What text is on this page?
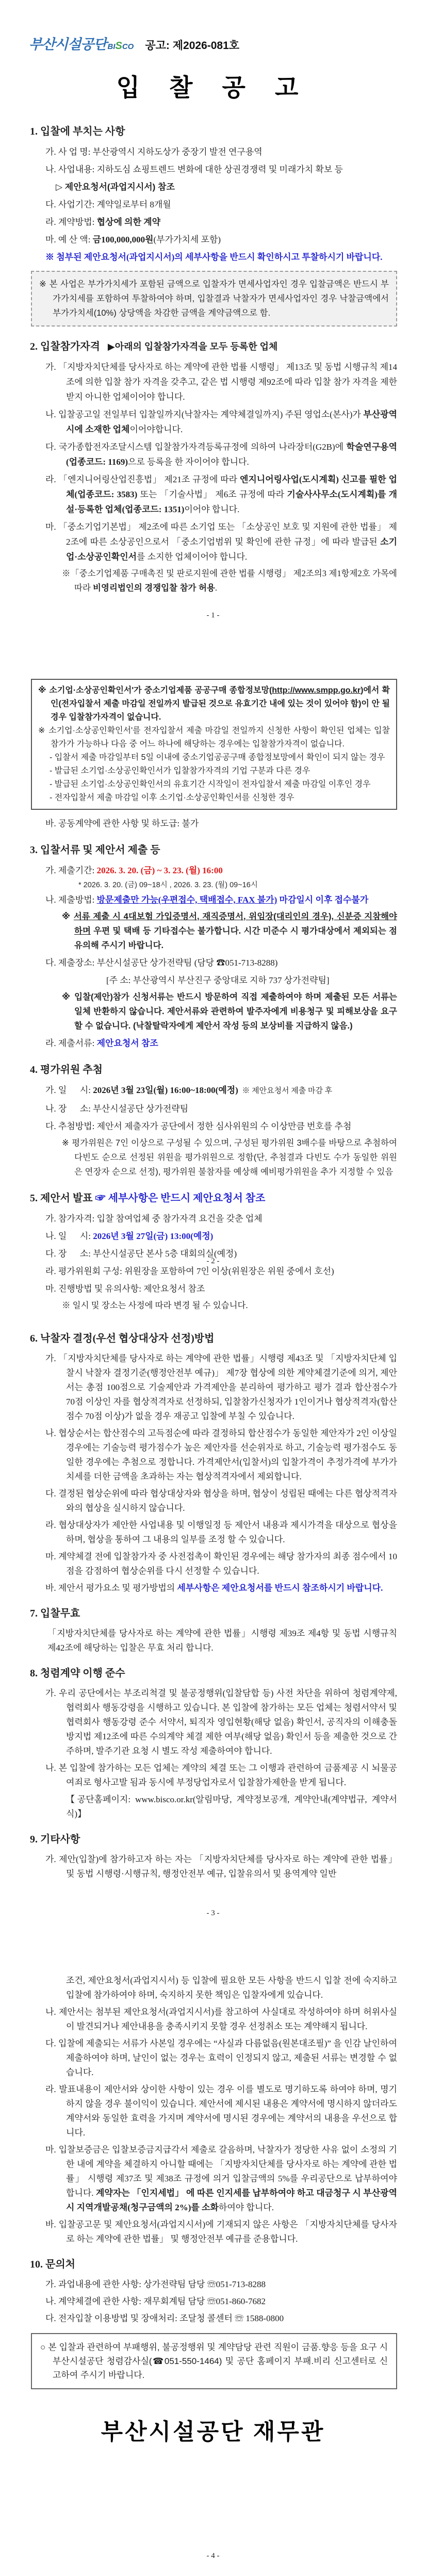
부산시설공단 BISCO 공고: 제2026-081호
입 찰 공 고

1. 입찰에 부치는 사항

가. 사 업 명: 부산광역시 지하도상가 중장기 발전 연구용역

나. 사업내용: 지하도심 쇼핑트렌드 변화에 대한 상권경쟁력 및 미래가치 확보 등

▷ 제안요청서(과업지시서) 참조

다. 사업기간: 계약일로부터 8개월

라. 계약방법: 협상에 의한 계약

마. 예 산 액: 금100,000,000원(부가가치세 포함)

※ 첨부된 제안요청서(과업지시서)의 세부사항을 반드시 확인하시고 투찰하시기 바랍니다.

※ 본 사업은 부가가치세가 포함된 금액으로 입찰자가 면세사업자인 경우 입찰금액은 반드시 부가가치세를 포함하여 투찰하여야 하며, 입찰결과 낙찰자가 면세사업자인 경우 낙찰금액에서 부가가치세(10%) 상당액을 차감한 금액을 계약금액으로 함.

2. 입찰참가자격 ▶아래의 입찰참가자격을 모두 등록한 업체

가. 「지방자치단체를 당사자로 하는 계약에 관한 법률 시행령」 제13조 및 동법 시행규칙 제14조에 의한 입찰 참가 자격을 갖추고, 같은 법 시행령 제92조에 따라 입찰 참가 자격을 제한받지 아니한 업체이어야 합니다.

나. 입찰공고일 전일부터 입찰일까지(낙찰자는 계약체결일까지) 주된 영업소(본사)가 부산광역시에 소재한 업체이어야합니다.

다. 국가종합전자조달시스템 입찰참가자격등록규정에 의하여 나라장터(G2B)에 학술연구용역(업종코드: 1169)으로 등록을 한 자이어야 합니다.

라. 「엔지니어링산업진흥법」 제21조 규정에 따라 엔지니어링사업(도시계획) 신고를 필한 업체(업종코드: 3583) 또는 「기술사법」 제6조 규정에 따라 기술사사무소(도시계획)를 개설·등록한 업체(업종코드: 1351)이어야 합니다.

마. 「중소기업기본법」 제2조에 따른 소기업 또는 「소상공인 보호 및 지원에 관한 법률」 제2조에 따른 소상공인으로서 「중소기업범위 및 확인에 관한 규정」에 따라 발급된 소기업·소상공인확인서를 소지한 업체이어야 합니다.

※「중소기업제품 구매촉진 및 판로지원에 관한 법률 시행령」 제2조의3 제1항제2호 가목에 따라 비영리법인의 경쟁입찰 참가 허용.

- 1 -

※ 소기업·소상공인확인서'가 중소기업제품 공공구매 종합정보망(http://www.smpp.go.kr)에서 확인(전자입찰서 제출 마감일 전일까지 발급된 것으로 유효기간 내에 있는 것이 있어야 함)이 안 될 경우 입찰참가자격이 없습니다.

※ 소기업·소상공인확인서'를 전자입찰서 제출 마감일 전일까지 신청한 사항이 확인된 업체는 입찰참가가 가능하나 다음 중 어느 하나에 해당하는 경우에는 입찰참가자격이 없습니다.

- 입찰서 제출 마감일부터 5일 이내에 중소기업공공구매 종합정보망에서 확인이 되지 않는 경우

- 발급된 소기업·소상공인확인서가 입찰참가자격의 기업 구분과 다른 경우

- 발급된 소기업·소상공인확인서의 유효기간 시작일이 전자입찰서 제출 마감일 이후인 경우

- 전자입찰서 제출 마감일 이후 소기업·소상공인확인서를 신청한 경우

바. 공동계약에 관한 사항 및 하도급: 불가

3. 입찰서류 및 제안서 제출 등

가. 제출기간: 2026. 3. 20. (금) ~ 3. 23. (월) 16:00

* 2026. 3. 20. (금) 09~18시 , 2026. 3. 23. (월) 09~16시

나. 제출방법: 방문제출만 가능(우편접수, 택배접수, FAX 불가) 마감일시 이후 접수불가

※ 서류 제출 시 4대보험 가입증명서, 재직증명서, 위임장(대리인의 경우), 신분증 지참해야 하며 우편 및 택배 등 기타접수는 불가합니다. 시간 미준수 시 평가대상에서 제외되는 점 유의해 주시기 바랍니다.

다. 제출장소: 부산시설공단 상가전략팀 (담당 ☎051-713-8288)

[주 소: 부산광역시 부산진구 중앙대로 지하 737 상가전략팀]

※ 입찰(제안)참가 신청서류는 반드시 방문하여 직접 제출하여야 하며 제출된 모든 서류는 일체 반환하지 않습니다. 제안서류와 관련하여 발주자에게 비용청구 및 피해보상을 요구 할 수 없습니다. (낙찰탈락자에게 제안서 작성 등의 보상비를 지급하지 않음.)

라. 제출서류: 제안요청서 참조

4. 평가위원 추첨

가. 일      시: 2026년 3월 23일(월) 16:00~18:00(예정)  ※ 제안요청서 제출 마감 후

나. 장      소: 부산시설공단 상가전략팀

다. 추첨방법: 제안서 제출자가 공단에서 정한 심사위원의 수 이상만큼 번호를 추첨

※ 평가위원은 7인 이상으로 구성될 수 있으며, 구성된 평가위원 3배수를 바탕으로 추첨하여 다빈도 순으로 선정된 위원을 평가위원으로 정함(단, 추첨결과 다빈도 수가 동일한 위원은 연장자 순으로 선정), 평가위원 불참자를 예상해 예비평가위원을 추가 지정할 수 있음

5. 제안서 발표 ☞ 세부사항은 반드시 제안요청서 참조

가. 참가자격: 입찰 참여업체 중 참가자격 요건을 갖춘 업체

나. 일      시: 2026년 3월 27일(금) 13:00(예정)

다. 장      소: 부산시설공단 본사 5층 대회의실(예정)

라. 평가위원회 구성: 위원장을 포함하여 7인 이상(위원장은 위원 중에서 호선)

마. 진행방법 및 유의사항: 제안요청서 참조

※ 일시 및 장소는 사정에 따라 변경 될 수 있습니다.

- 2 -

6. 낙찰자 결정(우선 협상대상자 선정)방법

가. 「지방자치단체를 당사자로 하는 계약에 관한 법률」시행령 제43조 및 「지방자치단체 입찰시 낙찰자 결정기준(행정안전부 예규)」 제7장 협상에 의한 계약체결기준에 의거, 제안서는 총점 100점으로 기술제안과 가격제안을 분리하여 평가하고 평가 결과 합산점수가 70점 이상인 자를 협상적격자로 선정하되, 입찰참가신청자가 1인이거나 협상적격자(합산점수 70점 이상)가 없을 경우 재공고 입찰에 부칠 수 있습니다.

나. 협상순서는 합산점수의 고득점순에 따라 결정하되 합산점수가 동일한 제안자가 2인 이상일 경우에는 기술능력 평가점수가 높은 제안자를 선순위자로 하고, 기술능력 평가점수도 동일한 경우에는 추첨으로 정합니다. 가격제안서(입찰서)의 입찰가격이 추정가격에 부가가치세를 더한 금액을 초과하는 자는 협상적격자에서 제외합니다.

다. 결정된 협상순위에 따라 협상대상자와 협상을 하며, 협상이 성립된 때에는 다른 협상적격자와의 협상을 실시하지 않습니다.

라. 협상대상자가 제안한 사업내용 및 이행일정 등 제안서 내용과 제시가격을 대상으로 협상을 하며, 협상을 통하여 그 내용의 일부를 조정 할 수 있습니다.

마. 계약체결 전에 입찰참가자 중 사전접촉이 확인된 경우에는 해당 참가자의 최종 점수에서 10점을 감점하여 협상순위를 다시 선정할 수 있습니다.

바. 제안서 평가요소 및 평가방법의 세부사항은 제안요청서를 반드시 참조하시기 바랍니다.

7. 입찰무효

「지방자치단체를 당사자로 하는 계약에 관한 법률」시행령 제39조 제4항 및 동법 시행규칙 제42조에 해당하는 입찰은 무효 처리 합니다.

8. 청렴계약 이행 준수

가. 우리 공단에서는 부조리척결 및 불공정행위(입찰담합 등) 사전 차단을 위하여 청렴계약제, 협력회사 행동강령을 시행하고 있습니다. 본 입찰에 참가하는 모든 업체는 청렴서약서 및 협력회사 행동강령 준수 서약서, 퇴직자 영입현황(해당 없음) 확인서, 공직자의 이해충돌 방지법 제12조에 따른 수의계약 체결 제한 여부(해당 없음) 확인서 등을 제출한 것으로 간주하며, 발주기관 요청 시 별도 작성 제출하여야 합니다.

나. 본 입찰에 참가하는 모든 업체는 계약의 체결 또는 그 이행과 관련하여 금품제공 시 뇌물공여죄로 형사고발 됨과 동시에 부정당업자로서 입찰참가제한을 받게 됩니다.

【공단홈페이지: www.bisco.or.kr(알림마당, 계약정보공개, 계약안내(계약법규, 계약서식)】

9. 기타사항

가. 제안(입찰)에 참가하고자 하는 자는 「지방자치단체를 당사자로 하는 계약에 관한 법률」 및 동법 시행령·시행규칙, 행정안전부 예규, 입찰유의서 및 용역계약 일반

- 3 -

조건, 제안요청서(과업지시서) 등 입찰에 필요한 모든 사항을 반드시 입찰 전에 숙지하고 입찰에 참가하여야 하며, 숙지하지 못한 책임은 입찰자에게 있습니다.

나. 제안서는 첨부된 제안요청서(과업지시서)를 참고하여 사실대로 작성하여야 하며 허위사실이 발견되거나 제안내용을 충족시키지 못할 경우 선정취소 또는 계약해지 됩니다.

다. 입찰에 제출되는 서류가 사본일 경우에는 “사실과 다름없음(원본대조필)” 을 인감 날인하여 제출하여야 하며, 날인이 없는 경우는 효력이 인정되지 않고, 제출된 서류는 변경할 수 없습니다.

라. 발표내용이 제안서와 상이한 사항이 있는 경우 이를 별도로 명기하도록 하여야 하며, 명기하지 않을 경우 불이익이 있습니다. 제안서에 제시된 내용은 계약서에 명시하지 않더라도 계약서와 동일한 효력을 가지며 계약서에 명시된 경우에는 계약서의 내용을 우선으로 합니다.

마. 입찰보증금은 입찰보증금지급각서 제출로 갈음하며, 낙찰자가 정당한 사유 없이 소정의 기한 내에 계약을 체결하지 아니할 때에는 「지방자치단체를 당사자로 하는 계약에 관한 법률」 시행령 제37조 및 제38조 규정에 의거 입찰금액의 5%를 우리공단으로 납부하여야 합니다. 계약자는 「인지세법」 에 따른 인지세를 납부하여야 하고 대금청구 시 부산광역시 지역개발공채(청구금액의 2%)를 소화하여야 합니다.

바. 입찰공고문 및 제안요청서(과업지시서)에 기재되지 않은 사항은 「지방자치단체를 당사자로 하는 계약에 관한 법률」 및 행정안전부 예규를 준용합니다.

10. 문의처

가. 과업내용에 관한 사항: 상가전략팀 담당 ☏051-713-8288

나. 계약체결에 관한 사항: 재무회계팀 담당 ☏051-860-7682

다. 전자입찰 이용방법 및 장애처리: 조달청 콜센터 ☏ 1588-0800

○ 본 입찰과 관련하여 부패행위, 불공정행위 및 계약담당 관련 직원이 금품.향응 등을 요구 시 부산시설공단 청렴감사실(☎051-550-1464) 및 공단 홈페이지 부패.비리 신고센터로 신고하여 주시기 바랍니다.

부산시설공단 재무관
- 4 -
